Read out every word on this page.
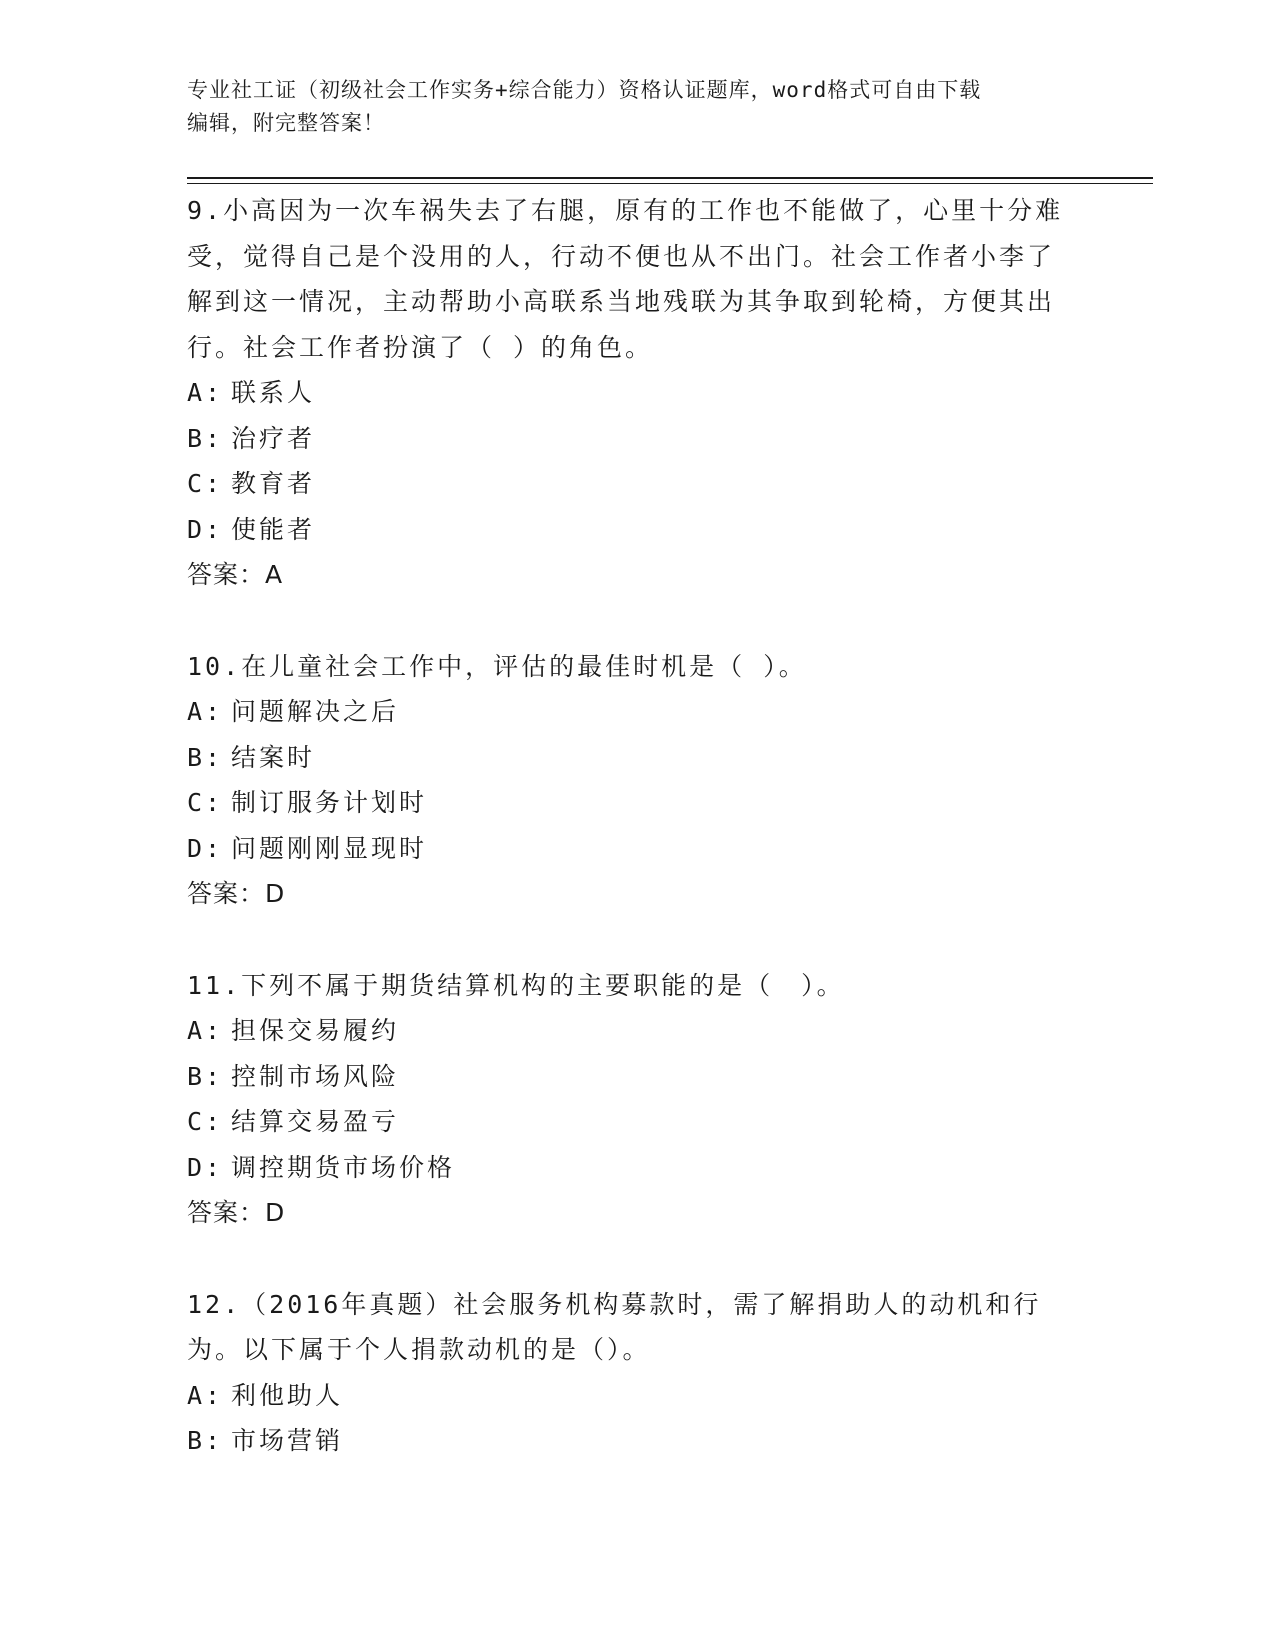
专业社工证（初级社会工作实务+综合能力）资格认证题库，word格式可自由下载
编辑，附完整答案！
9.小高因为一次车祸失去了右腿，原有的工作也不能做了，心里十分难受，觉得自己是个没用的人，行动不便也从不出门。社会工作者小李了解到这一情况，主动帮助小高联系当地残联为其争取到轮椅，方便其出行。社会工作者扮演了（ ）的角色。
A: 联系人
B: 治疗者
C: 教育者
D: 使能者
答案：A
10.在儿童社会工作中，评估的最佳时机是（ ）。
A: 问题解决之后
B: 结案时
C: 制订服务计划时
D: 问题刚刚显现时
答案：D
11.下列不属于期货结算机构的主要职能的是（　）。
A: 担保交易履约
B: 控制市场风险
C: 结算交易盈亏
D: 调控期货市场价格
答案：D
12.（2016年真题）社会服务机构募款时，需了解捐助人的动机和行为。以下属于个人捐款动机的是（）。
A: 利他助人
B: 市场营销
